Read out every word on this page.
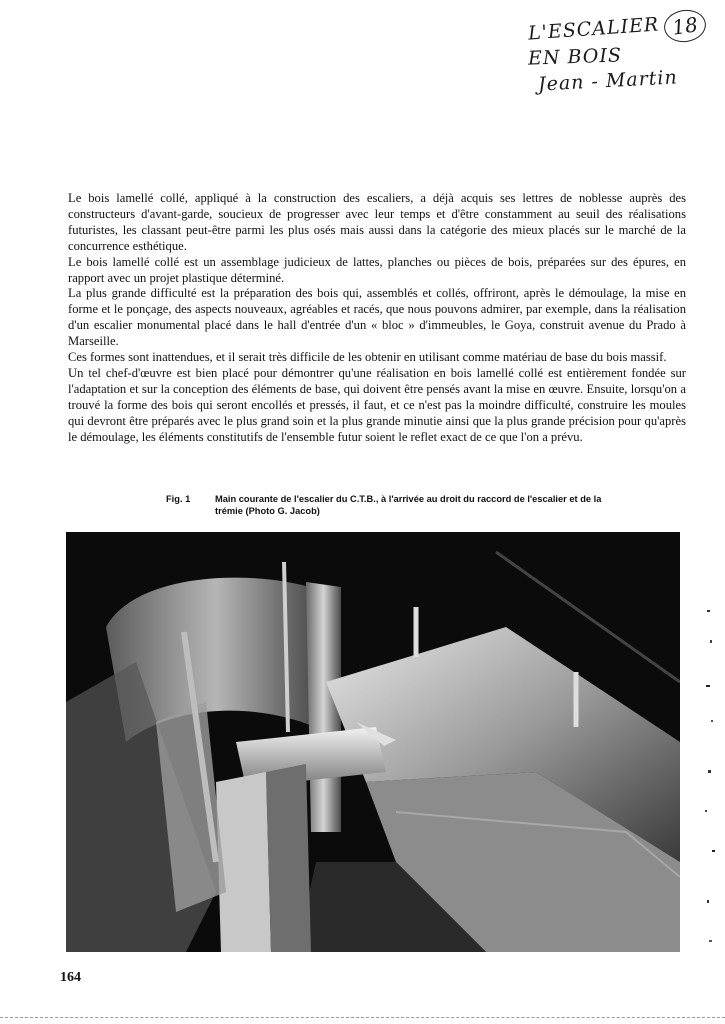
L'ESCALIER
EN BOIS
Jean - Martin
18

Le bois lamellé collé, appliqué à la construction des escaliers, a déjà acquis ses lettres de noblesse auprès des constructeurs d'avant-garde, soucieux de progresser avec leur temps et d'être constamment au seuil des réalisations futuristes, les classant peut-être parmi les plus osés mais aussi dans la catégorie des mieux placés sur le marché de la concurrence esthétique.

Le bois lamellé collé est un assemblage judicieux de lattes, planches ou pièces de bois, préparées sur des épures, en rapport avec un projet plastique déterminé.

La plus grande difficulté est la préparation des bois qui, assemblés et collés, offriront, après le démoulage, la mise en forme et le ponçage, des aspects nouveaux, agréables et racés, que nous pouvons admirer, par exemple, dans la réalisation d'un escalier monumental placé dans le hall d'entrée d'un « bloc » d'immeubles, le Goya, construit avenue du Prado à Marseille.

Ces formes sont inattendues, et il serait très difficile de les obtenir en utilisant comme matériau de base du bois massif.

Un tel chef-d'œuvre est bien placé pour démontrer qu'une réalisation en bois lamellé collé est entièrement fondée sur l'adaptation et sur la conception des éléments de base, qui doivent être pensés avant la mise en œuvre. Ensuite, lorsqu'on a trouvé la forme des bois qui seront encollés et pressés, il faut, et ce n'est pas la moindre difficulté, construire les moules qui devront être préparés avec le plus grand soin et la plus grande minutie ainsi que la plus grande précision pour qu'après le démoulage, les éléments constitutifs de l'ensemble futur soient le reflet exact de ce que l'on a prévu.

Fig. 1	Main courante de l'escalier du C.T.B., à l'arrivée au droit du raccord de l'escalier et de la trémie (Photo G. Jacob)
164
